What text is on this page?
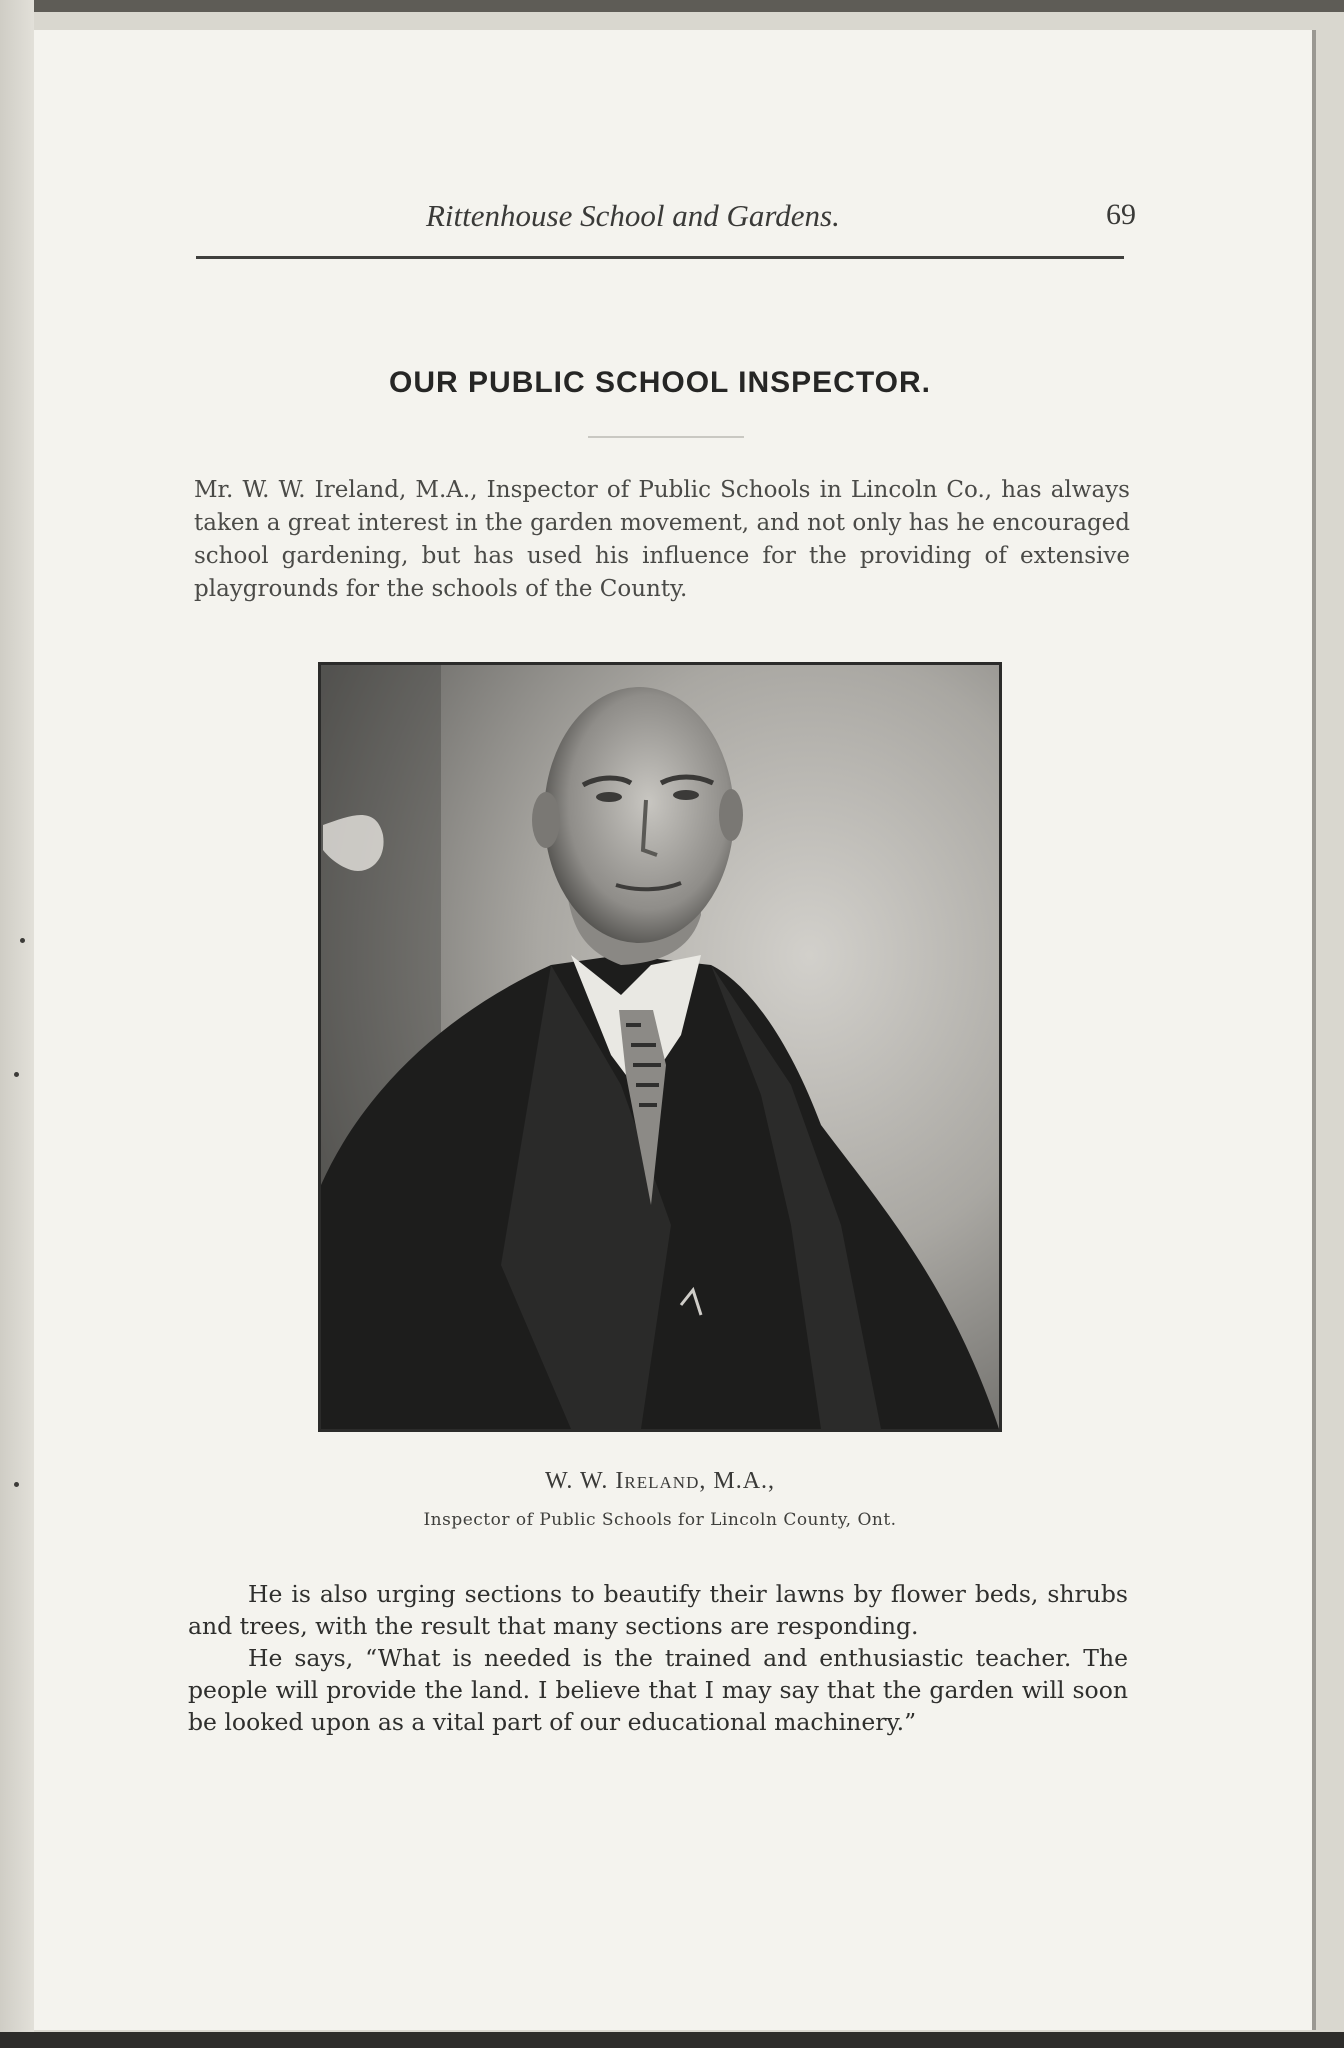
Rittenhouse School and Gardens.	69
OUR PUBLIC SCHOOL INSPECTOR.
Mr. W. W. Ireland, M.A., Inspector of Public Schools in Lincoln Co., has always taken a great interest in the garden movement, and not only has he encouraged school gardening, but has used his influence for the providing of extensive playgrounds for the schools of the County.
W. W. Ireland, M.A.,
Inspector of Public Schools for Lincoln County, Ont.

He is also urging sections to beautify their lawns by flower beds, shrubs and trees, with the result that many sections are responding.

He says, “What is needed is the trained and enthusiastic teacher. The people will provide the land. I believe that I may say that the garden will soon be looked upon as a vital part of our educational machinery.”
